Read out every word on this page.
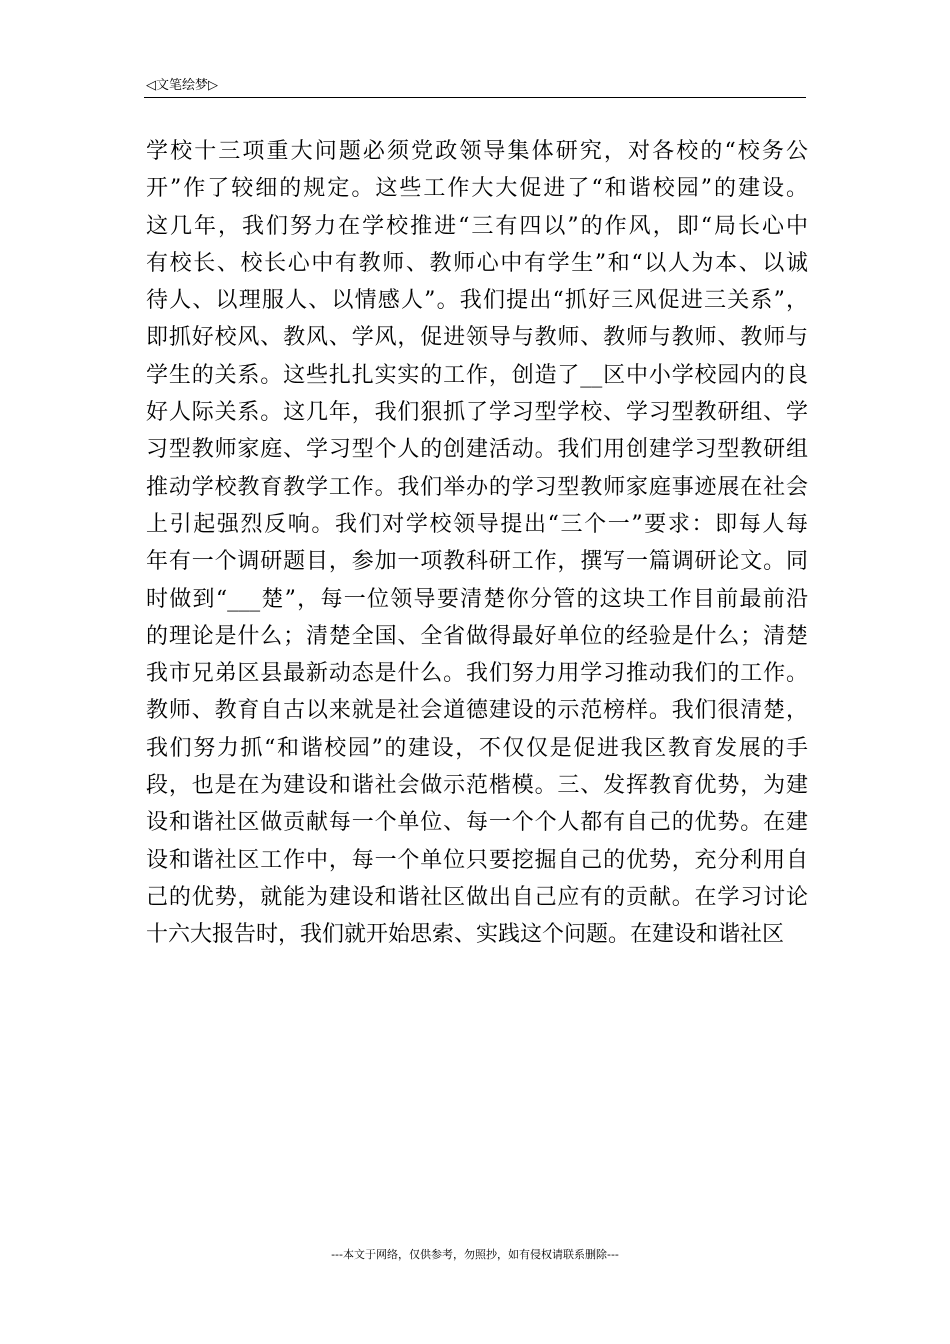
◁文笔绘梦▷
学校十三项重大问题必须党政领导集体研究，对各校的“校务公
开”作了较细的规定。这些工作大大促进了“和谐校园”的建设。
这几年，我们努力在学校推进“三有四以”的作风，即“局长心中
有校长、校长心中有教师、教师心中有学生”和“以人为本、以诚
待人、以理服人、以情感人”。我们提出“抓好三风促进三关系”，
即抓好校风、教风、学风，促进领导与教师、教师与教师、教师与
学生的关系。这些扎扎实实的工作，创造了__区中小学校园内的良
好人际关系。这几年，我们狠抓了学习型学校、学习型教研组、学
习型教师家庭、学习型个人的创建活动。我们用创建学习型教研组
推动学校教育教学工作。我们举办的学习型教师家庭事迹展在社会
上引起强烈反响。我们对学校领导提出“三个一”要求：即每人每
年有一个调研题目，参加一项教科研工作，撰写一篇调研论文。同
时做到“___楚”，每一位领导要清楚你分管的这块工作目前最前沿
的理论是什么；清楚全国、全省做得最好单位的经验是什么；清楚
我市兄弟区县最新动态是什么。我们努力用学习推动我们的工作。
教师、教育自古以来就是社会道德建设的示范榜样。我们很清楚，
我们努力抓“和谐校园”的建设，不仅仅是促进我区教育发展的手
段，也是在为建设和谐社会做示范楷模。三、发挥教育优势，为建
设和谐社区做贡献每一个单位、每一个个人都有自己的优势。在建
设和谐社区工作中，每一个单位只要挖掘自己的优势，充分利用自
己的优势，就能为建设和谐社区做出自己应有的贡献。在学习讨论
十六大报告时，我们就开始思索、实践这个问题。在建设和谐社区
---本文于网络，仅供参考，勿照抄，如有侵权请联系删除---
